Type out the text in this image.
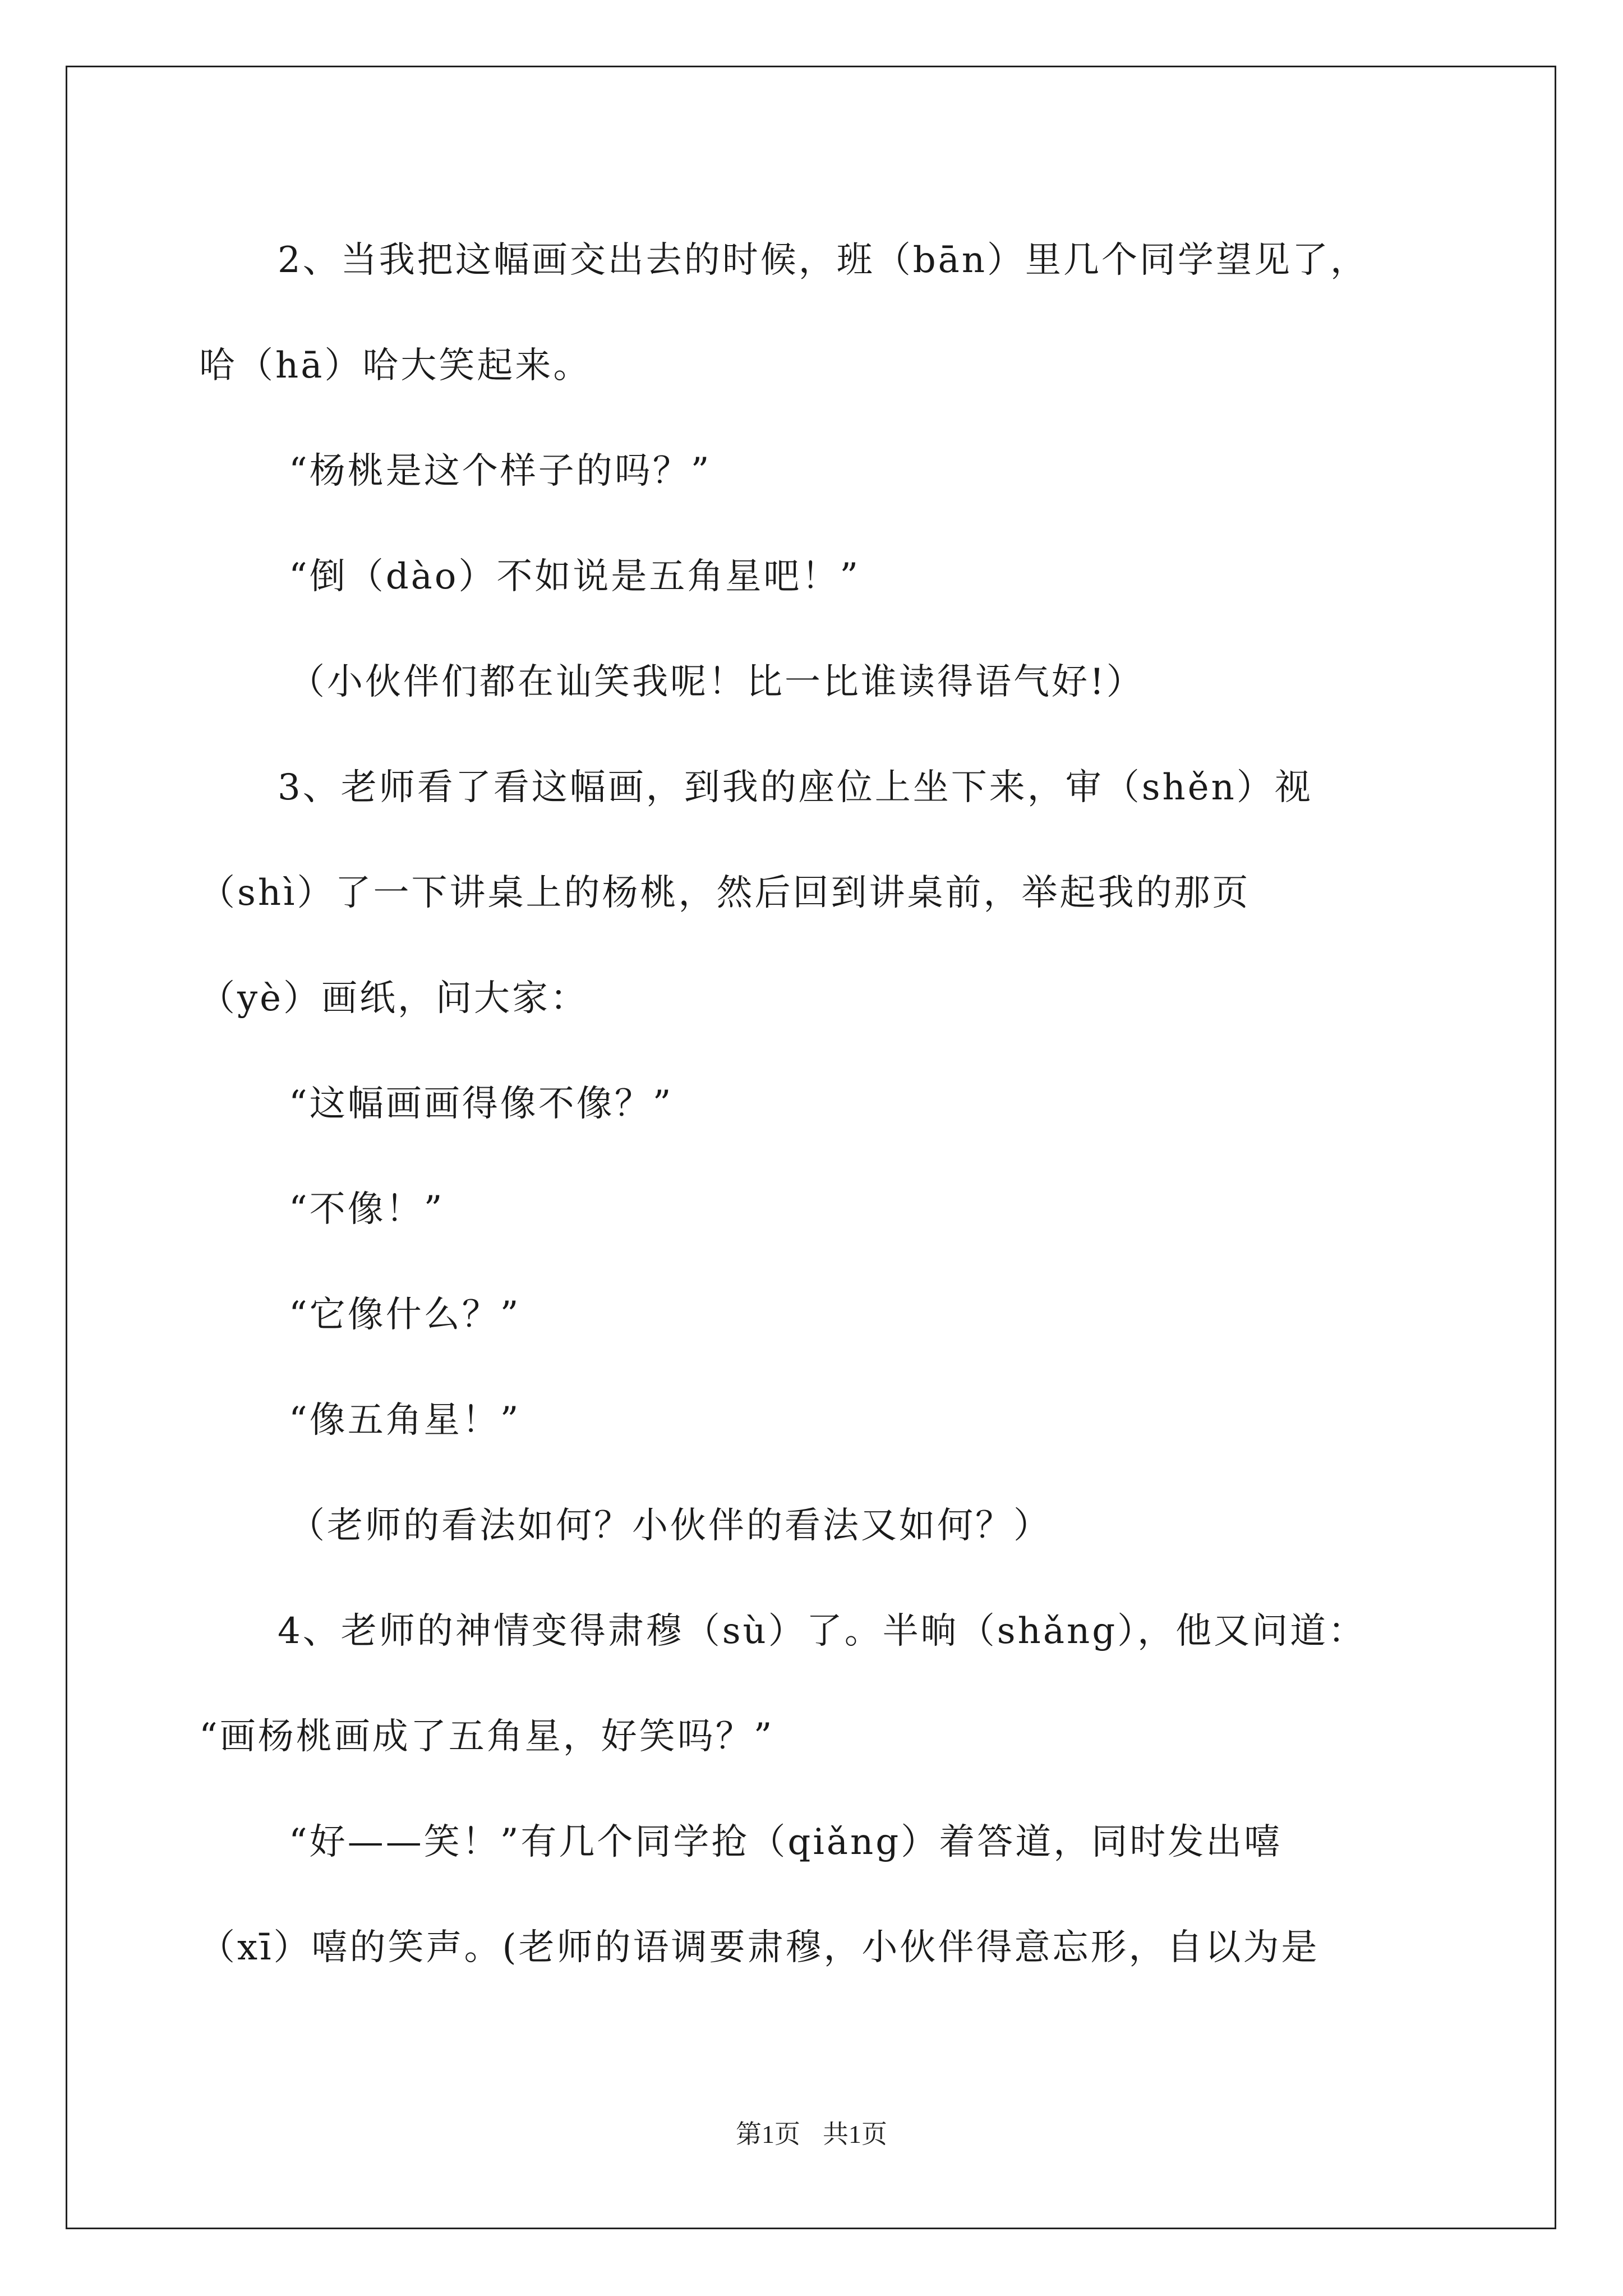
2、当我把这幅画交出去的时候，班（bān）里几个同学望见了，
哈（hā）哈大笑起来。
“杨桃是这个样子的吗？”
“倒（dào）不如说是五角星吧！”
（小伙伴们都在讪笑我呢！比一比谁读得语气好!）
3、老师看了看这幅画，到我的座位上坐下来，审（shěn）视
（shì）了一下讲桌上的杨桃，然后回到讲桌前，举起我的那页
（yè）画纸，问大家：
“这幅画画得像不像？”
“不像！”
“它像什么？”
“像五角星！”
（老师的看法如何？小伙伴的看法又如何？）
4、老师的神情变得肃穆（sù）了。半晌（shǎng），他又问道：
“画杨桃画成了五角星，好笑吗？”
“好——笑！”有几个同学抢（qiǎng）着答道，同时发出嘻
（xī）嘻的笑声。(老师的语调要肃穆，小伙伴得意忘形，自以为是
第1页 共1页
